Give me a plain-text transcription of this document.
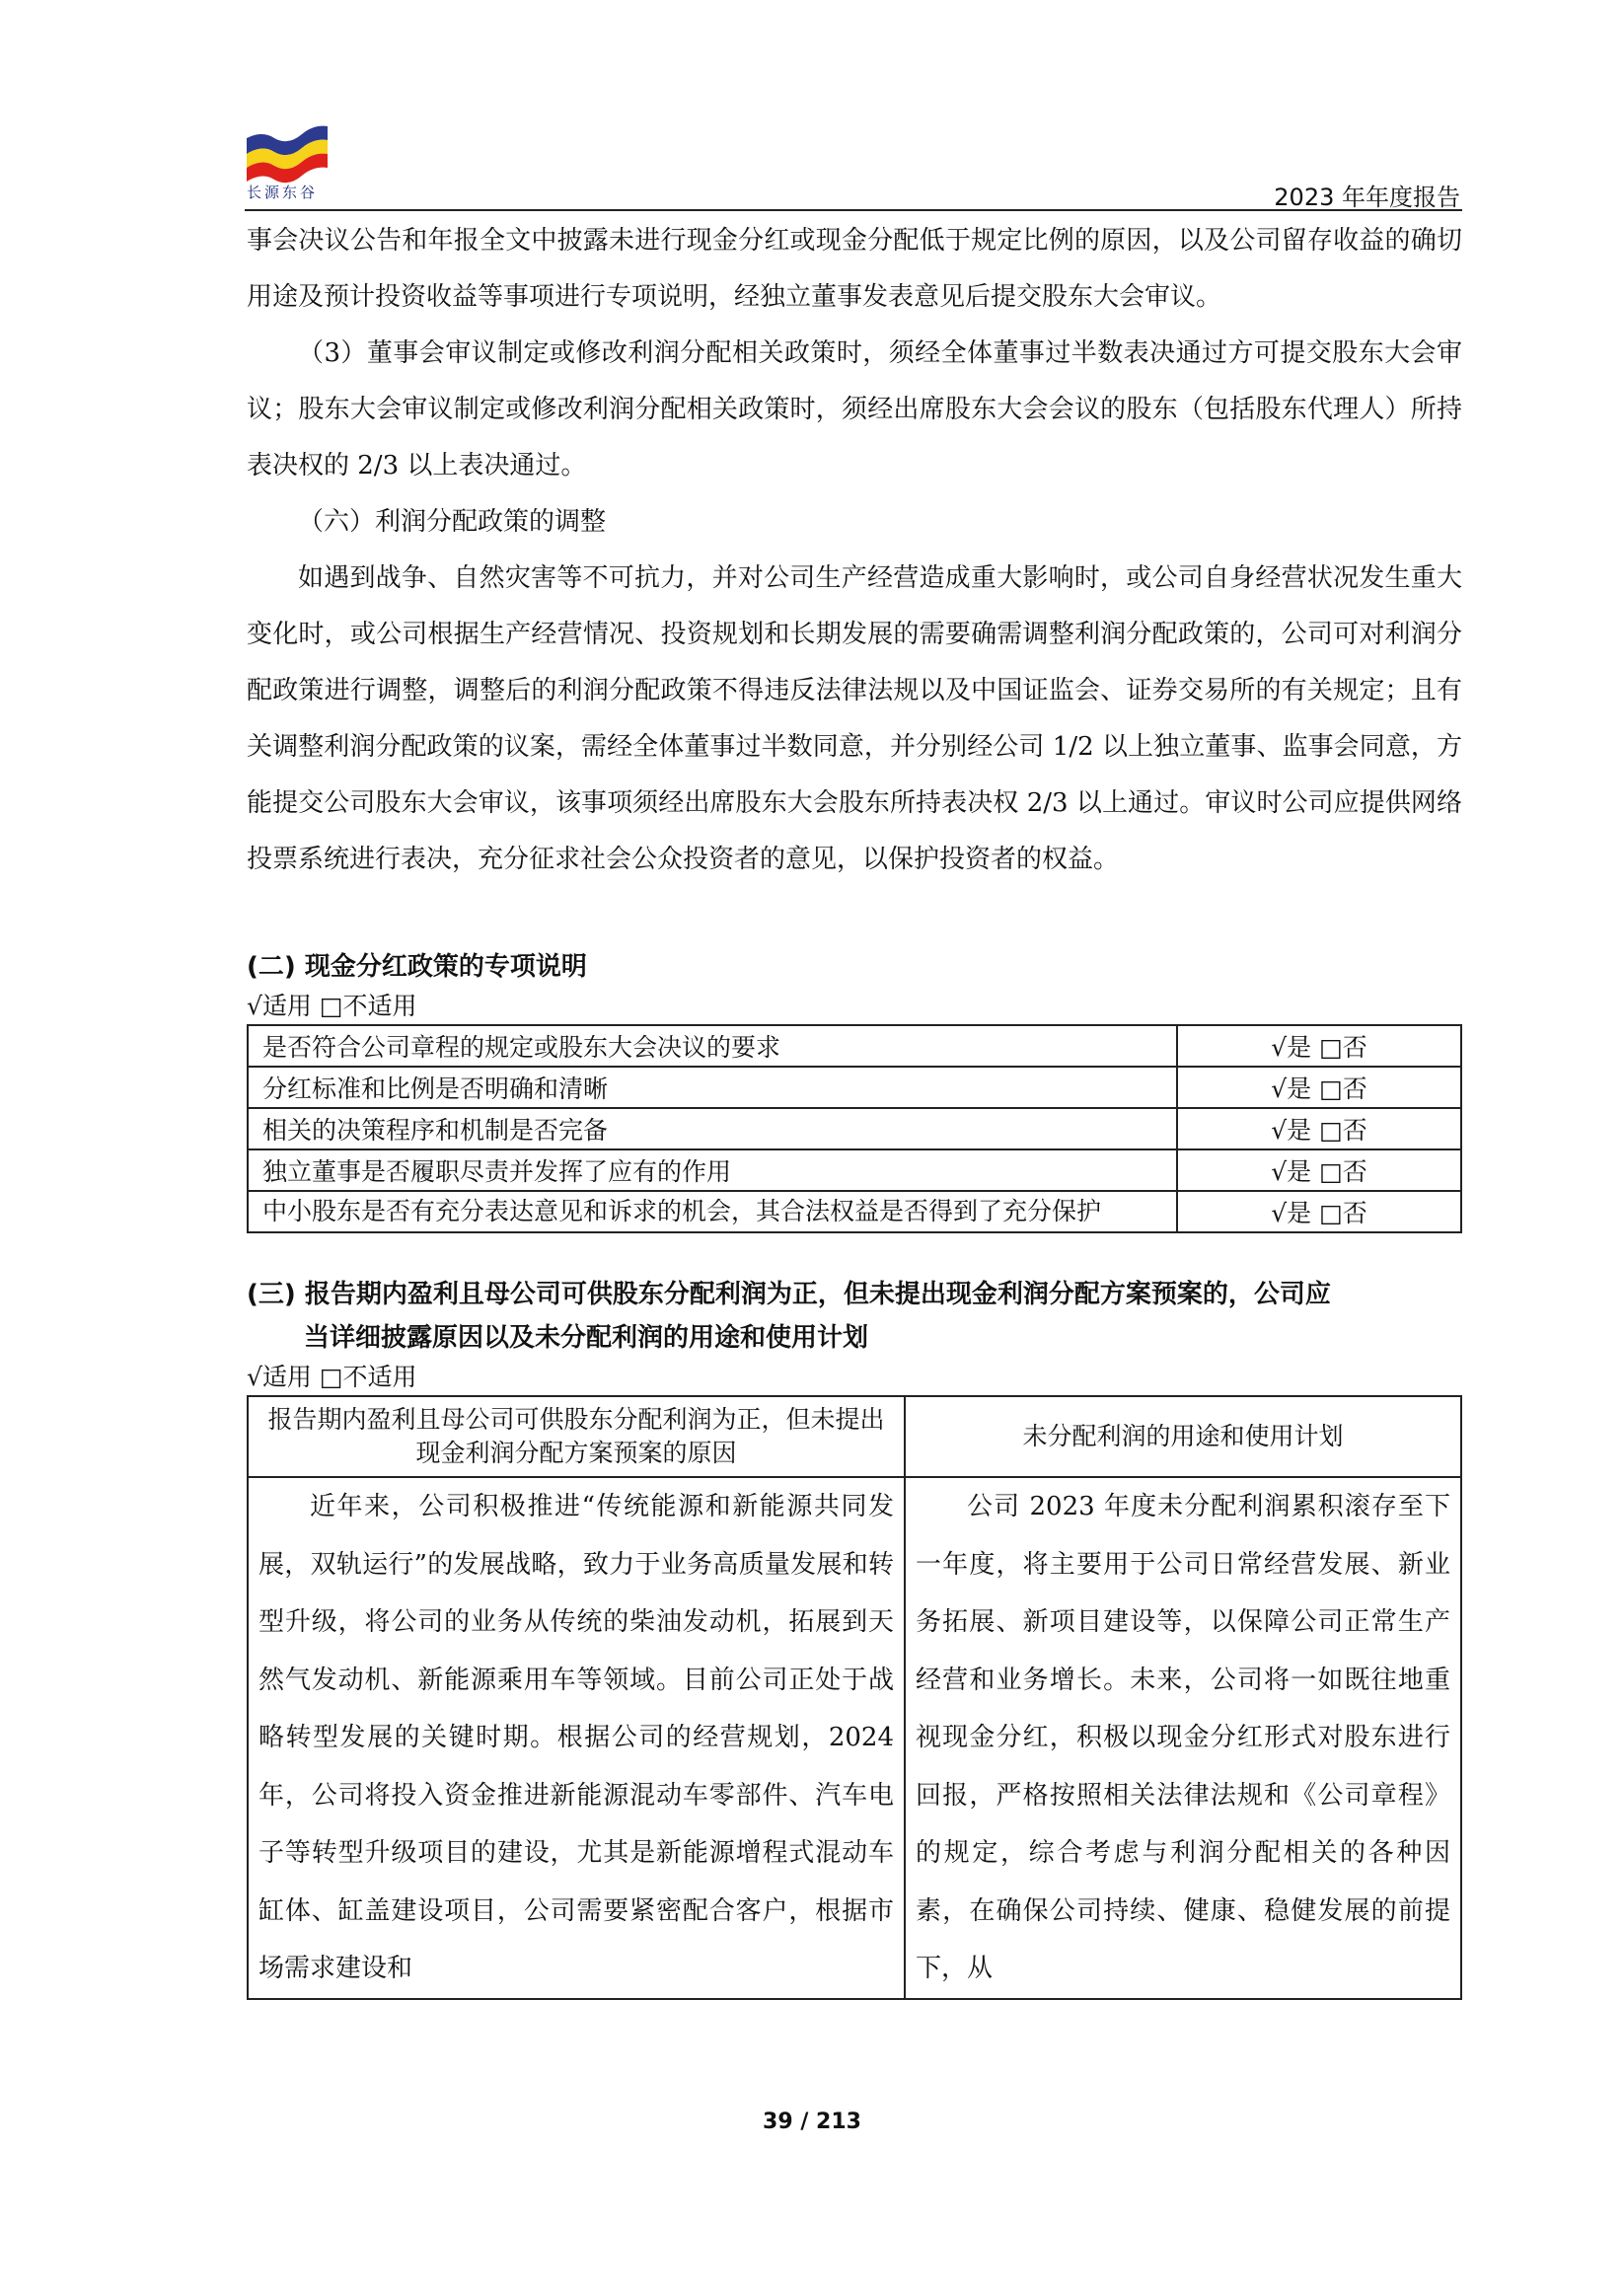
长源东谷	2023 年年度报告

事会决议公告和年报全文中披露未进行现金分红或现金分配低于规定比例的原因，以及公司留存收益的确切用途及预计投资收益等事项进行专项说明，经独立董事发表意见后提交股东大会审议。

（3）董事会审议制定或修改利润分配相关政策时，须经全体董事过半数表决通过方可提交股东大会审议；股东大会审议制定或修改利润分配相关政策时，须经出席股东大会会议的股东（包括股东代理人）所持表决权的 2/3 以上表决通过。

（六）利润分配政策的调整

如遇到战争、自然灾害等不可抗力，并对公司生产经营造成重大影响时，或公司自身经营状况发生重大变化时，或公司根据生产经营情况、投资规划和长期发展的需要确需调整利润分配政策的，公司可对利润分配政策进行调整，调整后的利润分配政策不得违反法律法规以及中国证监会、证券交易所的有关规定；且有关调整利润分配政策的议案，需经全体董事过半数同意，并分别经公司 1/2 以上独立董事、监事会同意，方能提交公司股东大会审议，该事项须经出席股东大会股东所持表决权 2/3 以上通过。审议时公司应提供网络投票系统进行表决，充分征求社会公众投资者的意见，以保护投资者的权益。

(二) 现金分红政策的专项说明

√适用 □不适用

是否符合公司章程的规定或股东大会决议的要求	√是 □否
分红标准和比例是否明确和清晰	√是 □否
相关的决策程序和机制是否完备	√是 □否
独立董事是否履职尽责并发挥了应有的作用	√是 □否
中小股东是否有充分表达意见和诉求的机会，其合法权益是否得到了充分保护	√是 □否

(三) 报告期内盈利且母公司可供股东分配利润为正，但未提出现金利润分配方案预案的，公司应

当详细披露原因以及未分配利润的用途和使用计划

√适用 □不适用

报告期内盈利且母公司可供股东分配利润为正，但未提出现金利润分配方案预案的原因	未分配利润的用途和使用计划
近年来，公司积极推进“传统能源和新能源共同发展，双轨运行”的发展战略，致力于业务高质量发展和转型升级，将公司的业务从传统的柴油发动机，拓展到天然气发动机、新能源乘用车等领域。目前公司正处于战略转型发展的关键时期。根据公司的经营规划，2024 年，公司将投入资金推进新能源混动车零部件、汽车电子等转型升级项目的建设，尤其是新能源增程式混动车缸体、缸盖建设项目，公司需要紧密配合客户，根据市场需求建设和	公司 2023 年度未分配利润累积滚存至下一年度，将主要用于公司日常经营发展、新业务拓展、新项目建设等，以保障公司正常生产经营和业务增长。未来，公司将一如既往地重视现金分红，积极以现金分红形式对股东进行回报，严格按照相关法律法规和《公司章程》的规定，综合考虑与利润分配相关的各种因素，在确保公司持续、健康、稳健发展的前提下，从
39 / 213
